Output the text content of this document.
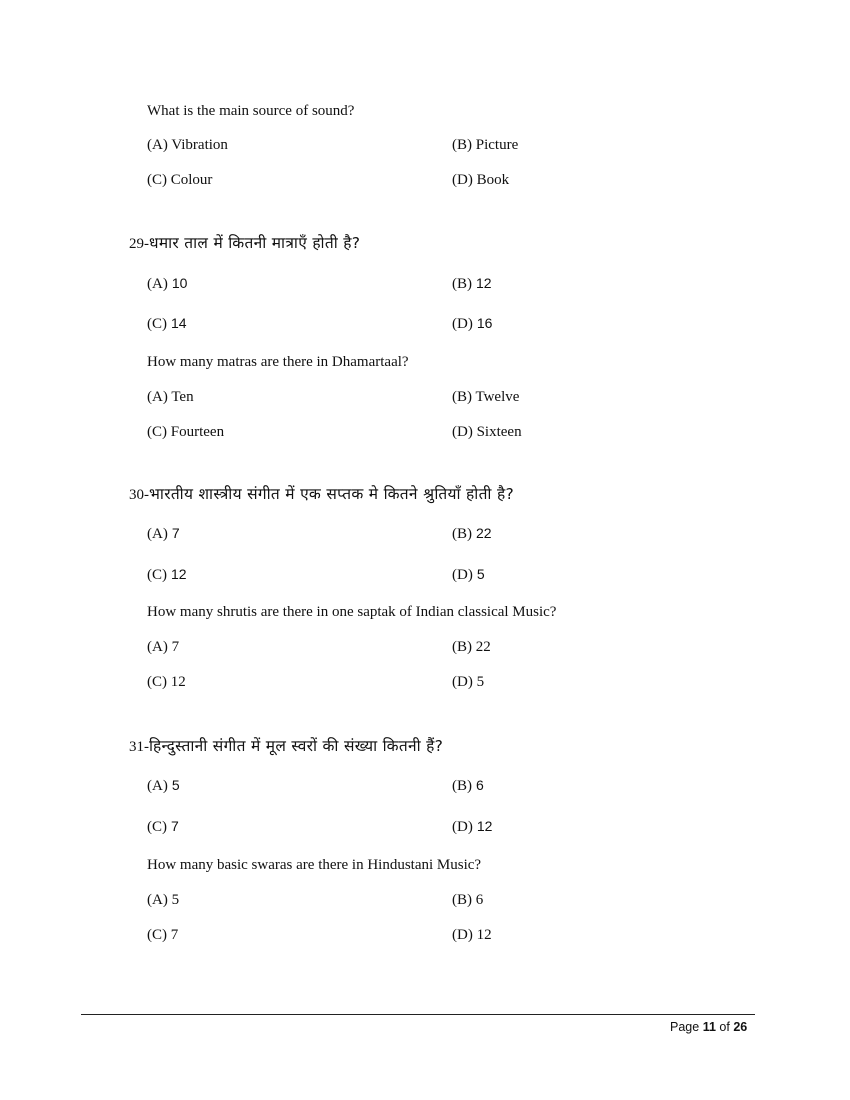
What is the main source of sound?
(A) Vibration	(B) Picture
(C) Colour	(D) Book
29-धमार ताल में कितनी मात्राएँ होती है?
(A) 10	(B) 12
(C) 14	(D) 16
How many matras are there in Dhamartaal?
(A) Ten	(B) Twelve
(C) Fourteen	(D) Sixteen
30-भारतीय शास्त्रीय संगीत में एक सप्तक मे कितने श्रुतियाँ होती है?
(A) 7	(B) 22
(C) 12	(D) 5
How many shrutis are there in one saptak of Indian classical Music?
(A) 7	(B) 22
(C) 12	(D) 5
31-हिन्दुस्तानी संगीत में मूल स्वरों की संख्या कितनी हैं?
(A) 5	(B) 6
(C) 7	(D) 12
How many basic swaras are there in Hindustani Music?
(A) 5	(B) 6
(C) 7	(D) 12
Page 11 of 26
